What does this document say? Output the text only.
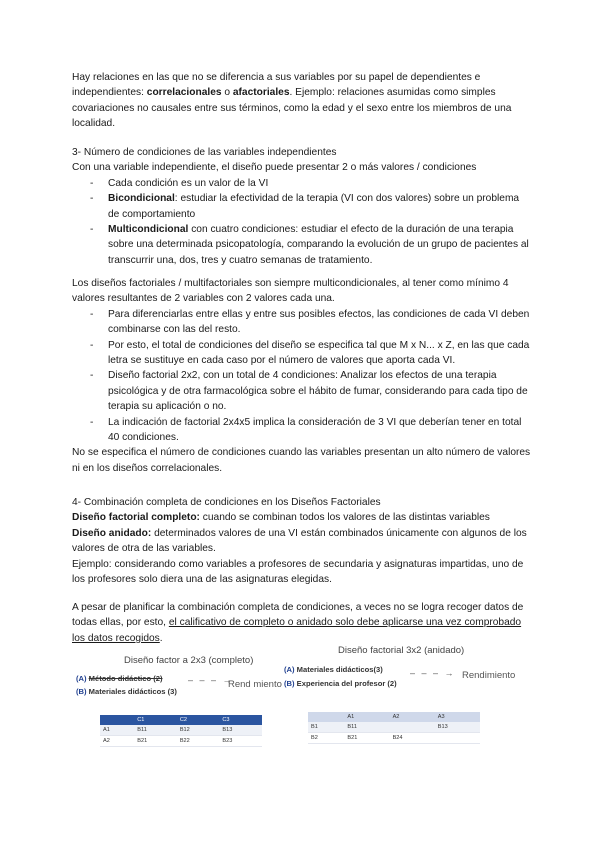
Hay relaciones en las que no se diferencia a sus variables por su papel de dependientes e independientes: correlacionales o afactoriales. Ejemplo: relaciones asumidas como simples covariaciones no causales entre sus términos, como la edad y el sexo entre los miembros de una localidad.

3- Número de condiciones de las variables independientes

Con una variable independiente, el diseño puede presentar 2 o más valores / condiciones

- Cada condición es un valor de la VI
- Bicondicional: estudiar la efectividad de la terapia (VI con dos valores) sobre un problema de comportamiento
- Multicondicional con cuatro condiciones: estudiar el efecto de la duración de una terapia sobre una determinada psicopatología, comparando la evolución de un grupo de pacientes al transcurrir una, dos, tres y cuatro semanas de tratamiento.

Los diseños factoriales / multifactoriales son siempre multicondicionales, al tener como mínimo 4 valores resultantes de 2 variables con 2 valores cada una.

- Para diferenciarlas entre ellas y entre sus posibles efectos, las condiciones de cada VI deben combinarse con las del resto.
- Por esto, el total de condiciones del diseño se especifica tal que M x N... x Z, en las que cada letra se sustituye en cada caso por el número de valores que aporta cada VI.
- Diseño factorial 2x2, con un total de 4 condiciones: Analizar los efectos de una terapia psicológica y de otra farmacológica sobre el hábito de fumar, considerando para cada tipo de terapia su aplicación o no.
- La indicación de factorial 2x4x5 implica la consideración de 3 VI que deberían tener en total 40 condiciones.

No se especifica el número de condiciones cuando las variables presentan un alto número de valores ni en los diseños correlacionales.

4- Combinación completa de condiciones en los Diseños Factoriales

Diseño factorial completo: cuando se combinan todos los valores de las distintas variables

Diseño anidado: determinados valores de una VI están combinados únicamente con algunos de los valores de otra de las variables.

Ejemplo: considerando como variables a profesores de secundaria y asignaturas impartidas, uno de los profesores solo diera una de las asignaturas elegidas.

A pesar de planificar la combinación completa de condiciones, a veces no se logra recoger datos de todas ellas, por esto, el calificativo de completo o anidado solo debe aplicarse una vez comprobado los datos recogidos.

Diseño factor a 2x3 (completo)
(A) Método didáctico (2)
(B) Materiales didácticos (3)
– – – →
Rend miento
	C1	C2	C3
A1	B11	B12	B13
A2	B21	B22	B23
Diseño factorial 3x2 (anidado)
(A) Materiales didácticos(3)
(B) Experiencia del profesor (2)
– – – → Rendimiento
	A1	A2	A3
B1	B11		B13
B2	B21	B24	
